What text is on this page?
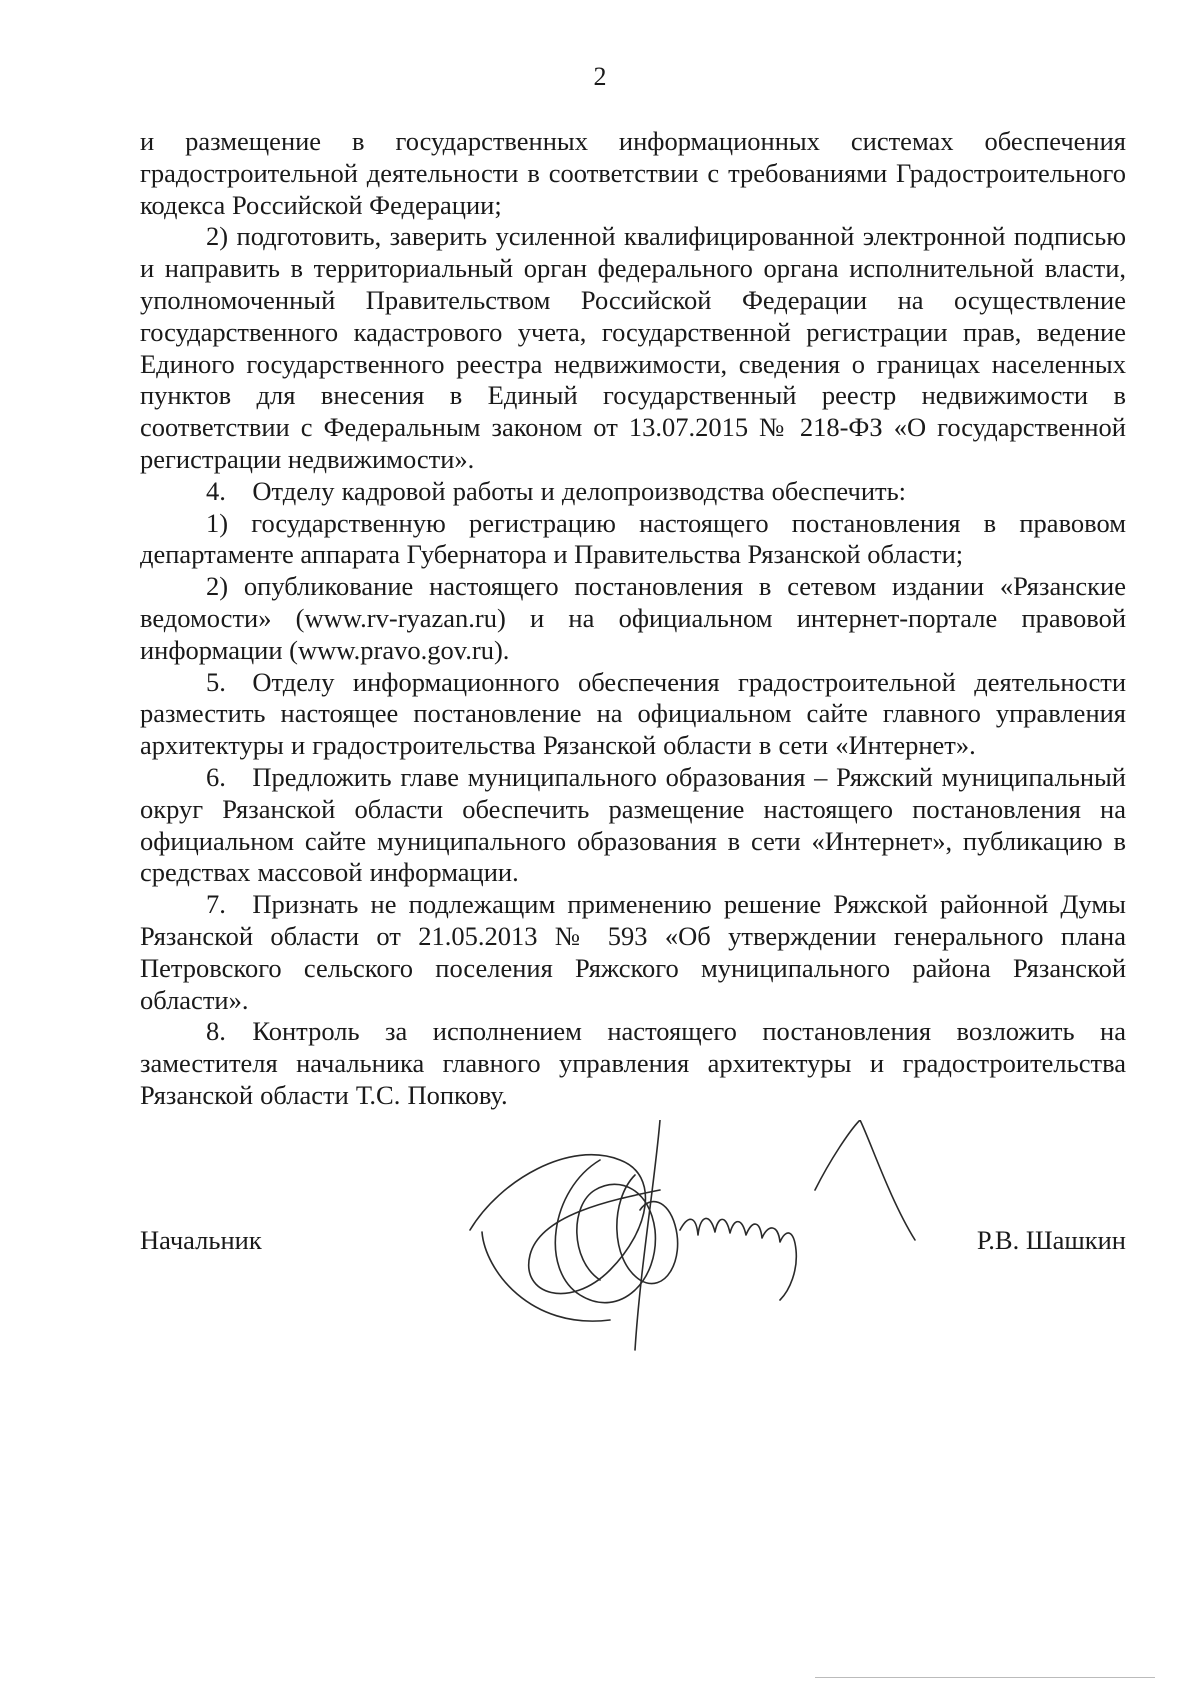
2

и размещение в государственных информационных системах обеспечения градостроительной деятельности в соответствии с требованиями Градостроительного кодекса Российской Федерации;

2) подготовить, заверить усиленной квалифицированной электронной подписью и направить в территориальный орган федерального органа исполнительной власти, уполномоченный Правительством Российской Федерации на осуществление государственного кадастрового учета, государственной регистрации прав, ведение Единого государственного реестра недвижимости, сведения о границах населенных пунктов для внесения в Единый государственный реестр недвижимости в соответствии с Федеральным законом от 13.07.2015 № 218-ФЗ «О государственной регистрации недвижимости».

4. Отделу кадровой работы и делопроизводства обеспечить:

1) государственную регистрацию настоящего постановления в правовом департаменте аппарата Губернатора и Правительства Рязанской области;

2) опубликование настоящего постановления в сетевом издании «Рязанские ведомости» (www.rv-ryazan.ru) и на официальном интернет-портале правовой информации (www.pravo.gov.ru).

5. Отделу информационного обеспечения градостроительной деятельности разместить настоящее постановление на официальном сайте главного управления архитектуры и градостроительства Рязанской области в сети «Интернет».

6. Предложить главе муниципального образования – Ряжский муниципальный округ Рязанской области обеспечить размещение настоящего постановления на официальном сайте муниципального образования в сети «Интернет», публикацию в средствах массовой информации.

7. Признать не подлежащим применению решение Ряжской районной Думы Рязанской области от 21.05.2013 № 593 «Об утверждении генерального плана Петровского сельского поселения Ряжского муниципального района Рязанской области».

8. Контроль за исполнением настоящего постановления возложить на заместителя начальника главного управления архитектуры и градостроительства Рязанской области Т.С. Попкову.

Начальник	Р.В. Шашкин
